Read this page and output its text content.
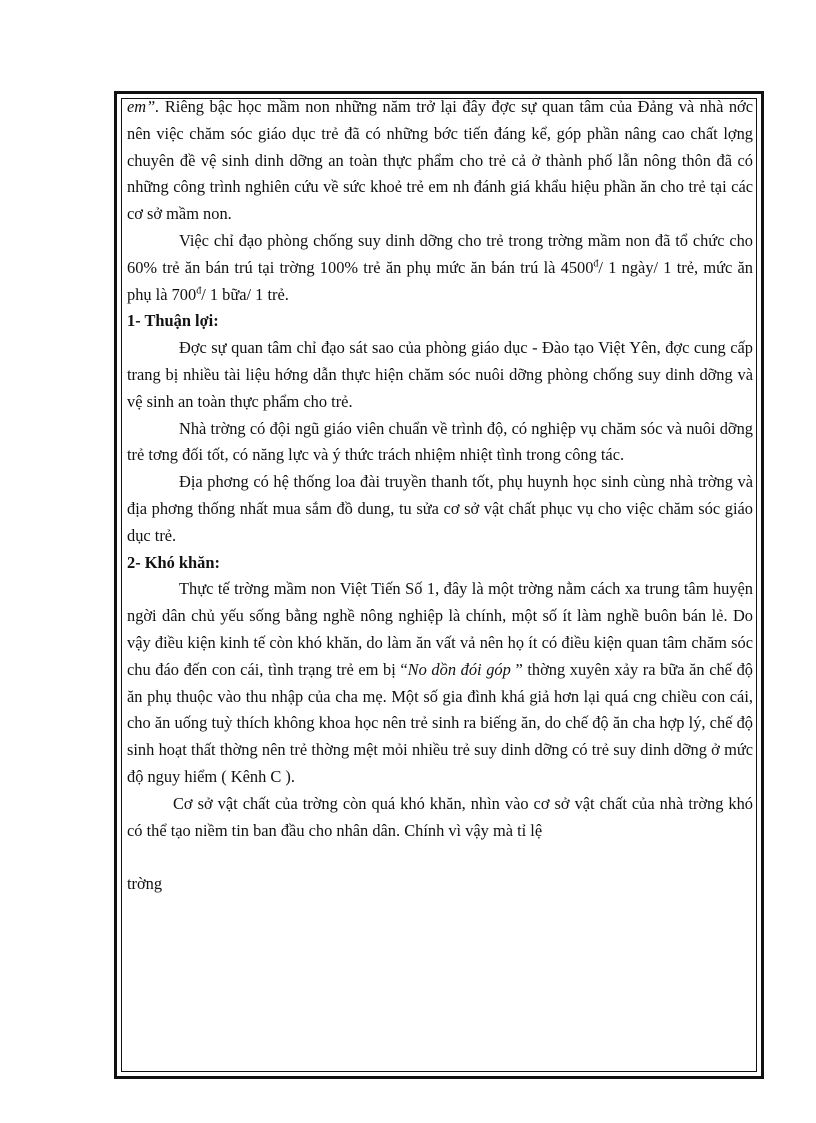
em”. Riêng bậc học mầm non những năm trở lại đây đợc sự quan tâm của Đảng và nhà nớc nên việc chăm sóc giáo dục trẻ đã có những bớc tiến đáng kể, góp phần nâng cao chất lợng chuyên đề vệ sinh dinh dỡng an toàn thực phẩm cho trẻ cả ở thành phố lẫn nông thôn đã có những công trình nghiên cứu về sức khoẻ trẻ em nh đánh giá khẩu hiệu phần ăn cho trẻ tại các cơ sở mầm non.

Việc chỉ đạo phòng chống suy dinh dỡng cho trẻ trong trờng mầm non đã tổ chức cho 60% trẻ ăn bán trú tại trờng 100% trẻ ăn phụ mức ăn bán trú là $4500^đ/$ 1 ngày/ 1 trẻ, mức ăn phụ là $700^đ/$ 1 bữa/ 1 trẻ.

1- Thuận lợi:

Đợc sự quan tâm chỉ đạo sát sao của phòng giáo dục - Đào tạo Việt Yên, đợc cung cấp trang bị nhiều tài liệu hớng dẫn thực hiện chăm sóc nuôi dỡng phòng chống suy dinh dỡng và vệ sinh an toàn thực phẩm cho trẻ.

Nhà trờng có đội ngũ giáo viên chuẩn về trình độ, có nghiệp vụ chăm sóc và nuôi dỡng trẻ tơng đối tốt, có năng lực và ý thức trách nhiệm nhiệt tình trong công tác.

Địa phơng có hệ thống loa đài truyền thanh tốt, phụ huynh học sinh cùng nhà trờng và địa phơng thống nhất mua sắm đồ dung, tu sửa cơ sở vật chất phục vụ cho việc chăm sóc giáo dục trẻ.

2- Khó khăn:

Thực tế trờng mầm non Việt Tiến Số 1, đây là một trờng nằm cách xa trung tâm huyện ngời dân chủ yếu sống bằng nghề nông nghiệp là chính, một số ít làm nghề buôn bán lẻ. Do vậy điều kiện kinh tế còn khó khăn, do làm ăn vất vả nên họ ít có điều kiện quan tâm chăm sóc chu đáo đến con cái, tình trạng trẻ em bị “No dồn đói góp ” thờng xuyên xảy ra bữa ăn chế độ ăn phụ thuộc vào thu nhập của cha mẹ. Một số gia đình khá giả hơn lại quá cng chiều con cái, cho ăn uống tuỳ thích không khoa học nên trẻ sinh ra biếng ăn, do chế độ ăn cha hợp lý, chế độ sinh hoạt thất thờng nên trẻ thờng mệt mỏi nhiều trẻ suy dinh dỡng có trẻ suy dinh dỡng ở mức độ nguy hiểm ( Kênh C ).

Cơ sở vật chất của trờng còn quá khó khăn, nhìn vào cơ sở vật chất của nhà trờng khó có thể tạo niềm tin ban đầu cho nhân dân. Chính vì vậy mà tỉ lệ

trờng
